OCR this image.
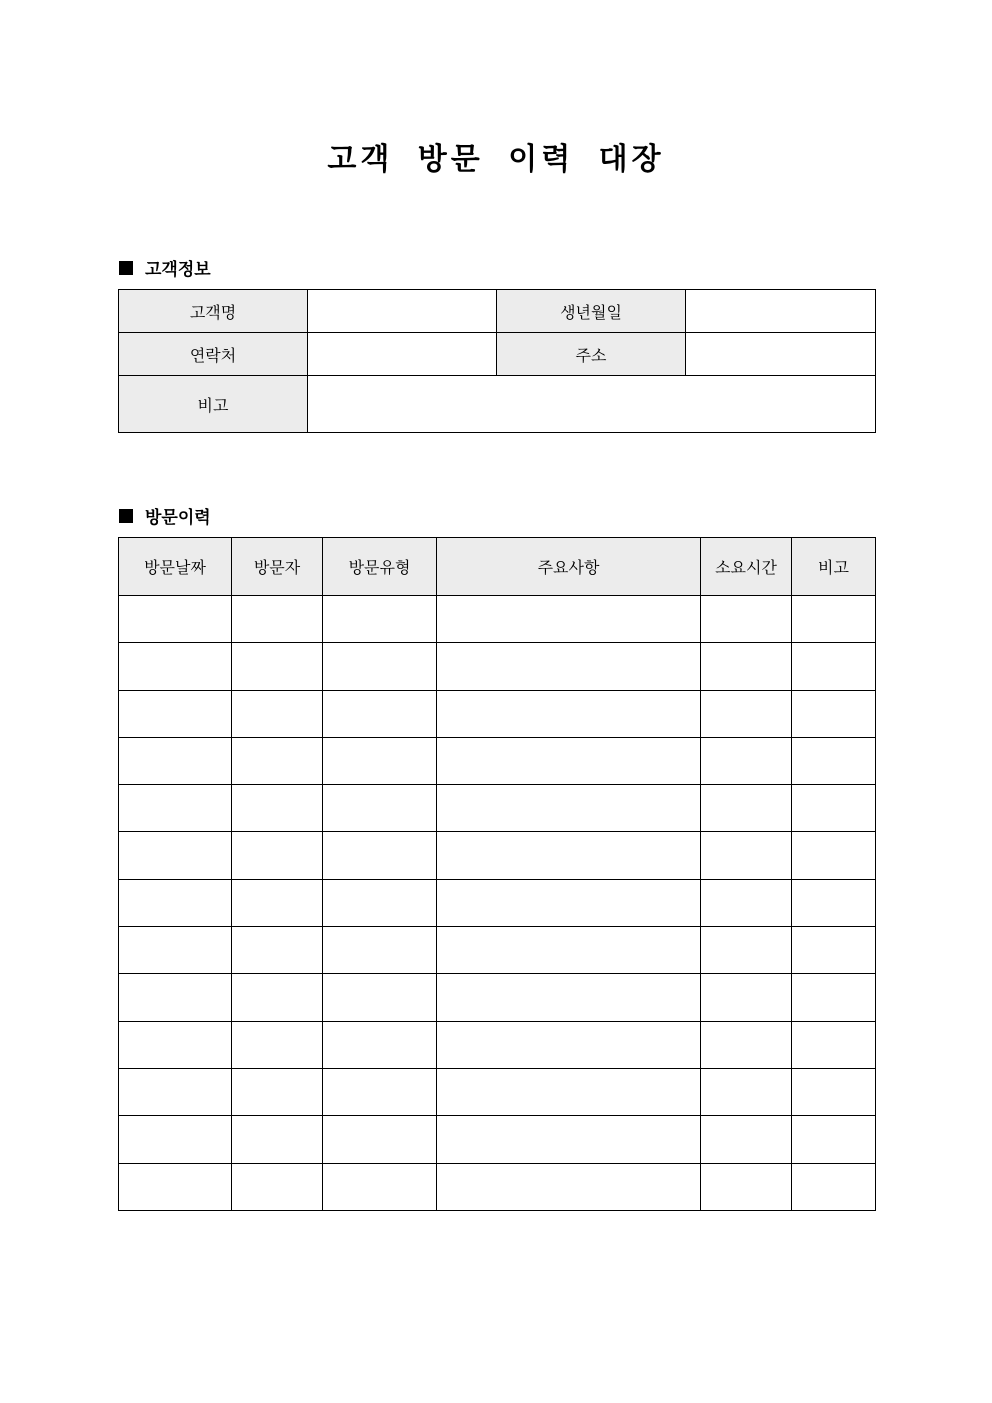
고객 방문 이력 대장
고객정보
고객명		생년월일	
연락처		주소	
비고			
방문이력
방문날짜	방문자	방문유형	주요사항	소요시간	비고
